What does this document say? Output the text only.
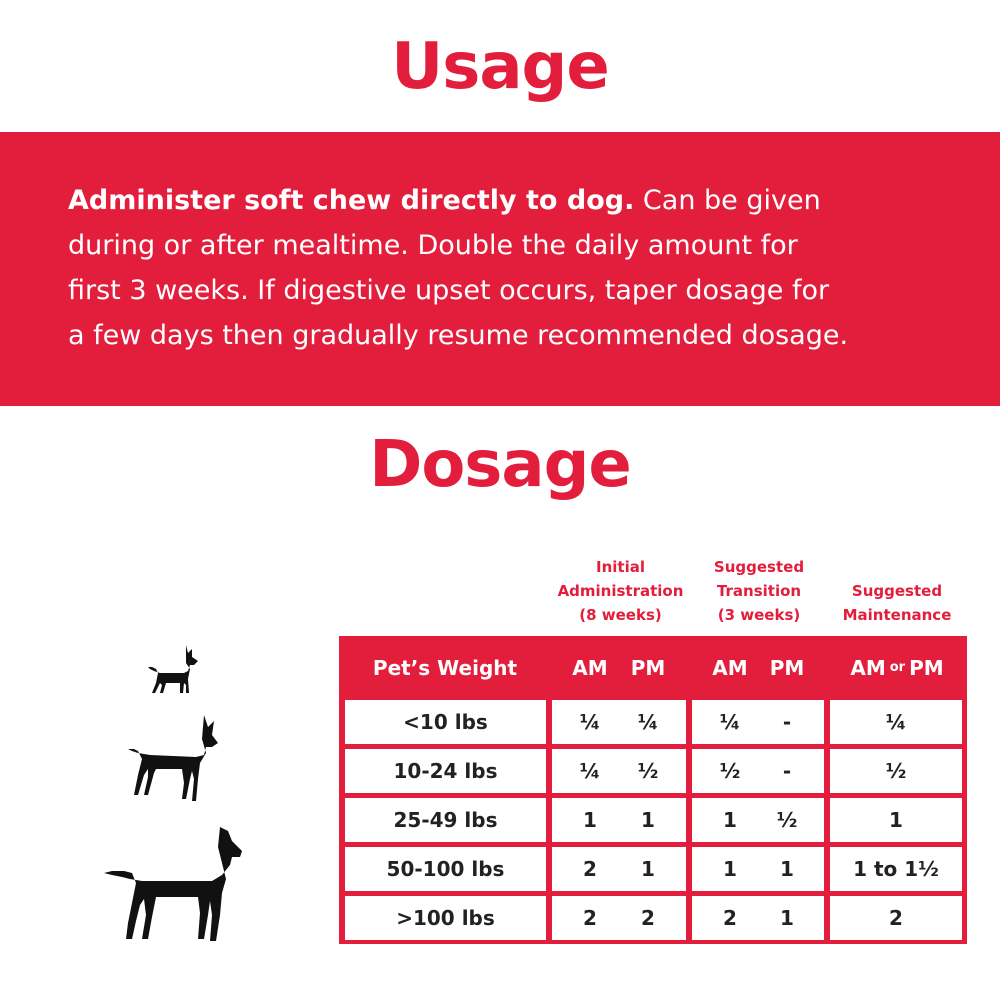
Usage
Administer soft chew directly to dog. Can be given
during or after mealtime. Double the daily amount for
first 3 weeks. If digestive upset occurs, taper dosage for
a few days then gradually resume recommended dosage.
Dosage
Initial
Administration
(8 weeks)
Suggested
Transition
(3 weeks)
Suggested
Maintenance
Pet’s Weight	AM	PM	AM	PM	AM or PM
<10 lbs	¼	¼	¼	-	¼
10-24 lbs	¼	½	½	-	½
25-49 lbs	1	1	1	½	1
50-100 lbs	2	1	1	1	1 to 1½
>100 lbs	2	2	2	1	2
